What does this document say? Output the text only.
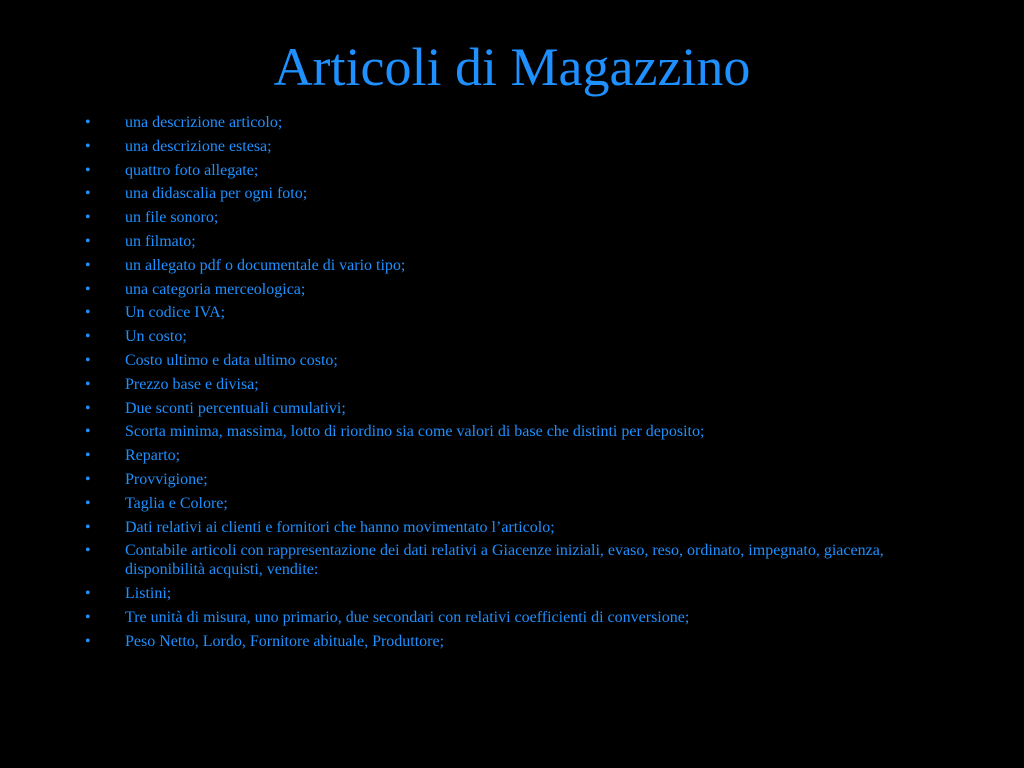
Articoli di Magazzino
•	una descrizione articolo;
•	una descrizione estesa;
•	quattro foto allegate;
•	una didascalia per ogni foto;
•	un file sonoro;
•	un filmato;
•	un allegato pdf o documentale di vario tipo;
•	una categoria merceologica;
•	Un codice IVA;
•	Un costo;
•	Costo ultimo e data ultimo costo;
•	Prezzo base e divisa;
•	Due sconti percentuali cumulativi;
•	Scorta minima, massima, lotto di riordino sia come valori di base che distinti per deposito;
•	Reparto;
•	Provvigione;
•	Taglia e Colore;
•	Dati relativi ai clienti e fornitori che hanno movimentato l’articolo;
•	Contabile articoli con rappresentazione dei dati relativi a Giacenze iniziali, evaso, reso, ordinato, impegnato, giacenza, disponibilità acquisti, vendite:
•	Listini;
•	Tre unità di misura, uno primario, due secondari con relativi coefficienti di conversione;
•	Peso Netto, Lordo, Fornitore abituale, Produttore;
